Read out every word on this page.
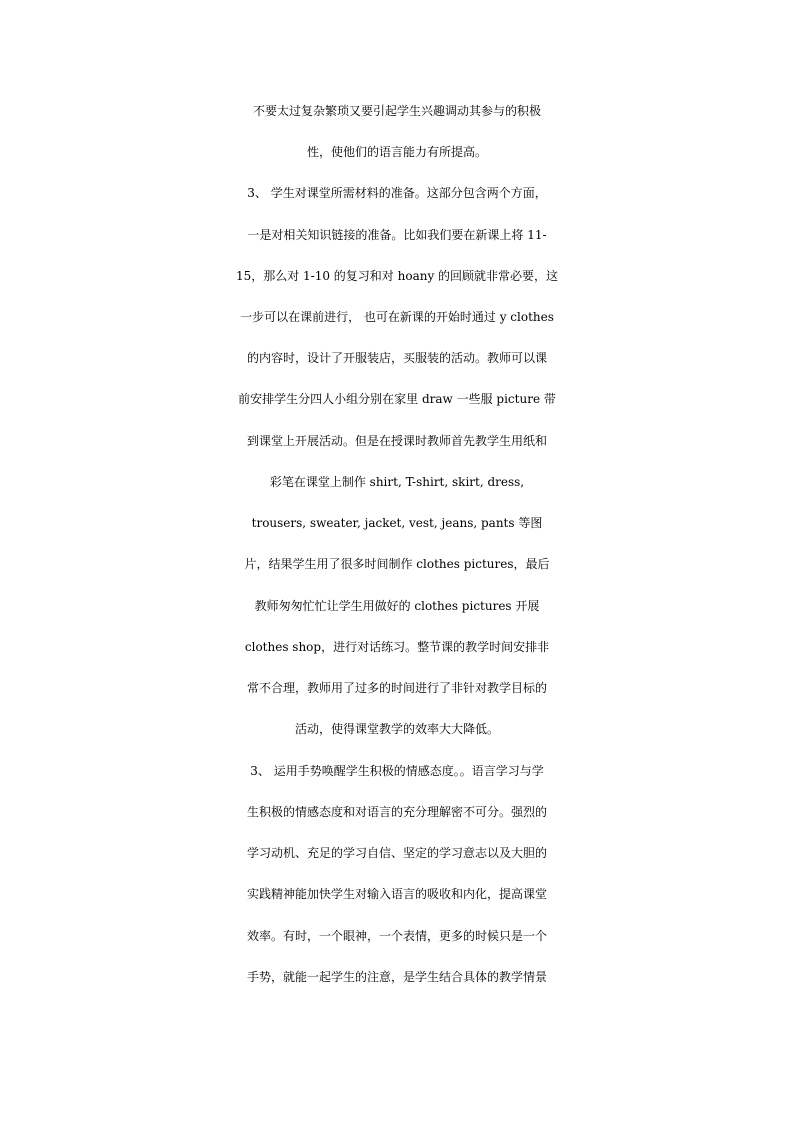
不要太过复杂繁琐又要引起学生兴趣调动其参与的积极
性，使他们的语言能力有所提高。
3、 学生对课堂所需材料的准备。这部分包含两个方面，
一是对相关知识链接的准备。比如我们要在新课上将 11-
15，那么对 1-10 的复习和对 hoany 的回顾就非常必要，这
一步可以在课前进行， 也可在新课的开始时通过 y clothes
的内容时，设计了开服装店，买服装的活动。教师可以课
前安排学生分四人小组分别在家里 draw 一些服 picture 带
到课堂上开展活动。但是在授课时教师首先教学生用纸和
彩笔在课堂上制作 shirt, T-shirt, skirt, dress,
trousers, sweater, jacket, vest, jeans, pants 等图
片，结果学生用了很多时间制作 clothes pictures，最后
教师匆匆忙忙让学生用做好的 clothes pictures 开展
clothes shop，进行对话练习。整节课的教学时间安排非
常不合理，教师用了过多的时间进行了非针对教学目标的
活动，使得课堂教学的效率大大降低。
3、 运用手势唤醒学生积极的情感态度。。语言学习与学
生积极的情感态度和对语言的充分理解密不可分。强烈的
学习动机、充足的学习自信、坚定的学习意志以及大胆的
实践精神能加快学生对输入语言的吸收和内化，提高课堂
效率。有时，一个眼神，一个表情，更多的时候只是一个
手势，就能一起学生的注意，是学生结合具体的教学情景
